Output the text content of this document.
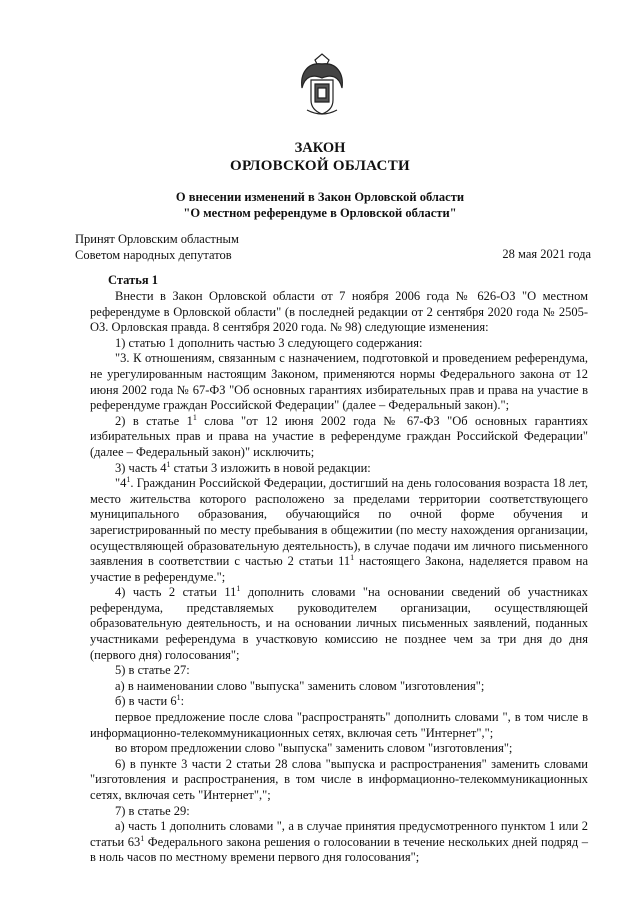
ЗАКОН
ОРЛОВСКОЙ ОБЛАСТИ
О внесении изменений в Закон Орловской области
"О местном референдуме в Орловской области"
Принят Орловским областным
Советом народных депутатов	28 мая 2021 года
Статья 1

Внести в Закон Орловской области от 7 ноября 2006 года № 626-ОЗ "О местном референдуме в Орловской области" (в последней редакции от 2 сентября 2020 года № 2505-ОЗ. Орловская правда. 8 сентября 2020 года. № 98) следующие изменения:

1) статью 1 дополнить частью 3 следующего содержания:

"3. К отношениям, связанным с назначением, подготовкой и проведением референдума, не урегулированным настоящим Законом, применяются нормы Федерального закона от 12 июня 2002 года № 67-ФЗ "Об основных гарантиях избирательных прав и права на участие в референдуме граждан Российской Федерации" (далее – Федеральный закон).";

2) в статье $1^1$ слова "от 12 июня 2002 года № 67-ФЗ "Об основных гарантиях избирательных прав и права на участие в референдуме граждан Российской Федерации" (далее – Федеральный закон)" исключить;

3) часть $4^1$ статьи 3 изложить в новой редакции:

"$4^1$. Гражданин Российской Федерации, достигший на день голосования возраста 18 лет, место жительства которого расположено за пределами территории соответствующего муниципального образования, обучающийся по очной форме обучения и зарегистрированный по месту пребывания в общежитии (по месту нахождения организации, осуществляющей образовательную деятельность), в случае подачи им личного письменного заявления в соответствии с частью 2 статьи $11^1$ настоящего Закона, наделяется правом на участие в референдуме.";

4) часть 2 статьи $11^1$ дополнить словами "на основании сведений об участниках референдума, представляемых руководителем организации, осуществляющей образовательную деятельность, и на основании личных письменных заявлений, поданных участниками референдума в участковую комиссию не позднее чем за три дня до дня (первого дня) голосования";

5) в статье 27:

а) в наименовании слово "выпуска" заменить словом "изготовления";

б) в части $6^1$:

первое предложение после слова "распространять" дополнить словами ", в том числе в информационно-телекоммуникационных сетях, включая сеть "Интернет",";

во втором предложении слово "выпуска" заменить словом "изготовления";

6) в пункте 3 части 2 статьи 28 слова "выпуска и распространения" заменить словами "изготовления и распространения, в том числе в информационно-телекоммуникационных сетях, включая сеть "Интернет",";

7) в статье 29:

а) часть 1 дополнить словами ", а в случае принятия предусмотренного пунктом 1 или 2 статьи $63^1$ Федерального закона решения о голосовании в течение нескольких дней подряд – в ноль часов по местному времени первого дня голосования";
